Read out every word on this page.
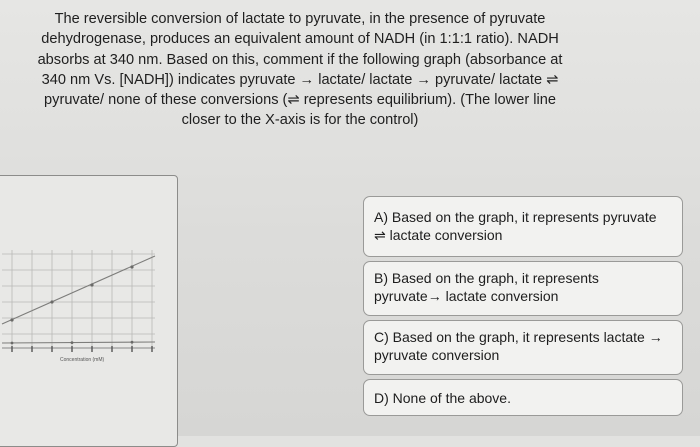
The reversible conversion of lactate to pyruvate, in the presence of pyruvate
dehydrogenase, produces an equivalent amount of NADH (in 1:1:1 ratio). NADH
absorbs at 340 nm. Based on this, comment if the following graph (absorbance at
340 nm Vs. [NADH]) indicates pyruvate → lactate/ lactate → pyruvate/ lactate ⇌
pyruvate/ none of these conversions (⇌ represents equilibrium). (The lower line
closer to the X-axis is for the control)
Concentration (mM)
A) Based on the graph, it represents pyruvate
⇌ lactate conversion
B) Based on the graph, it represents
pyruvate→ lactate conversion
C) Based on the graph, it represents lactate →
pyruvate conversion
D) None of the above.
